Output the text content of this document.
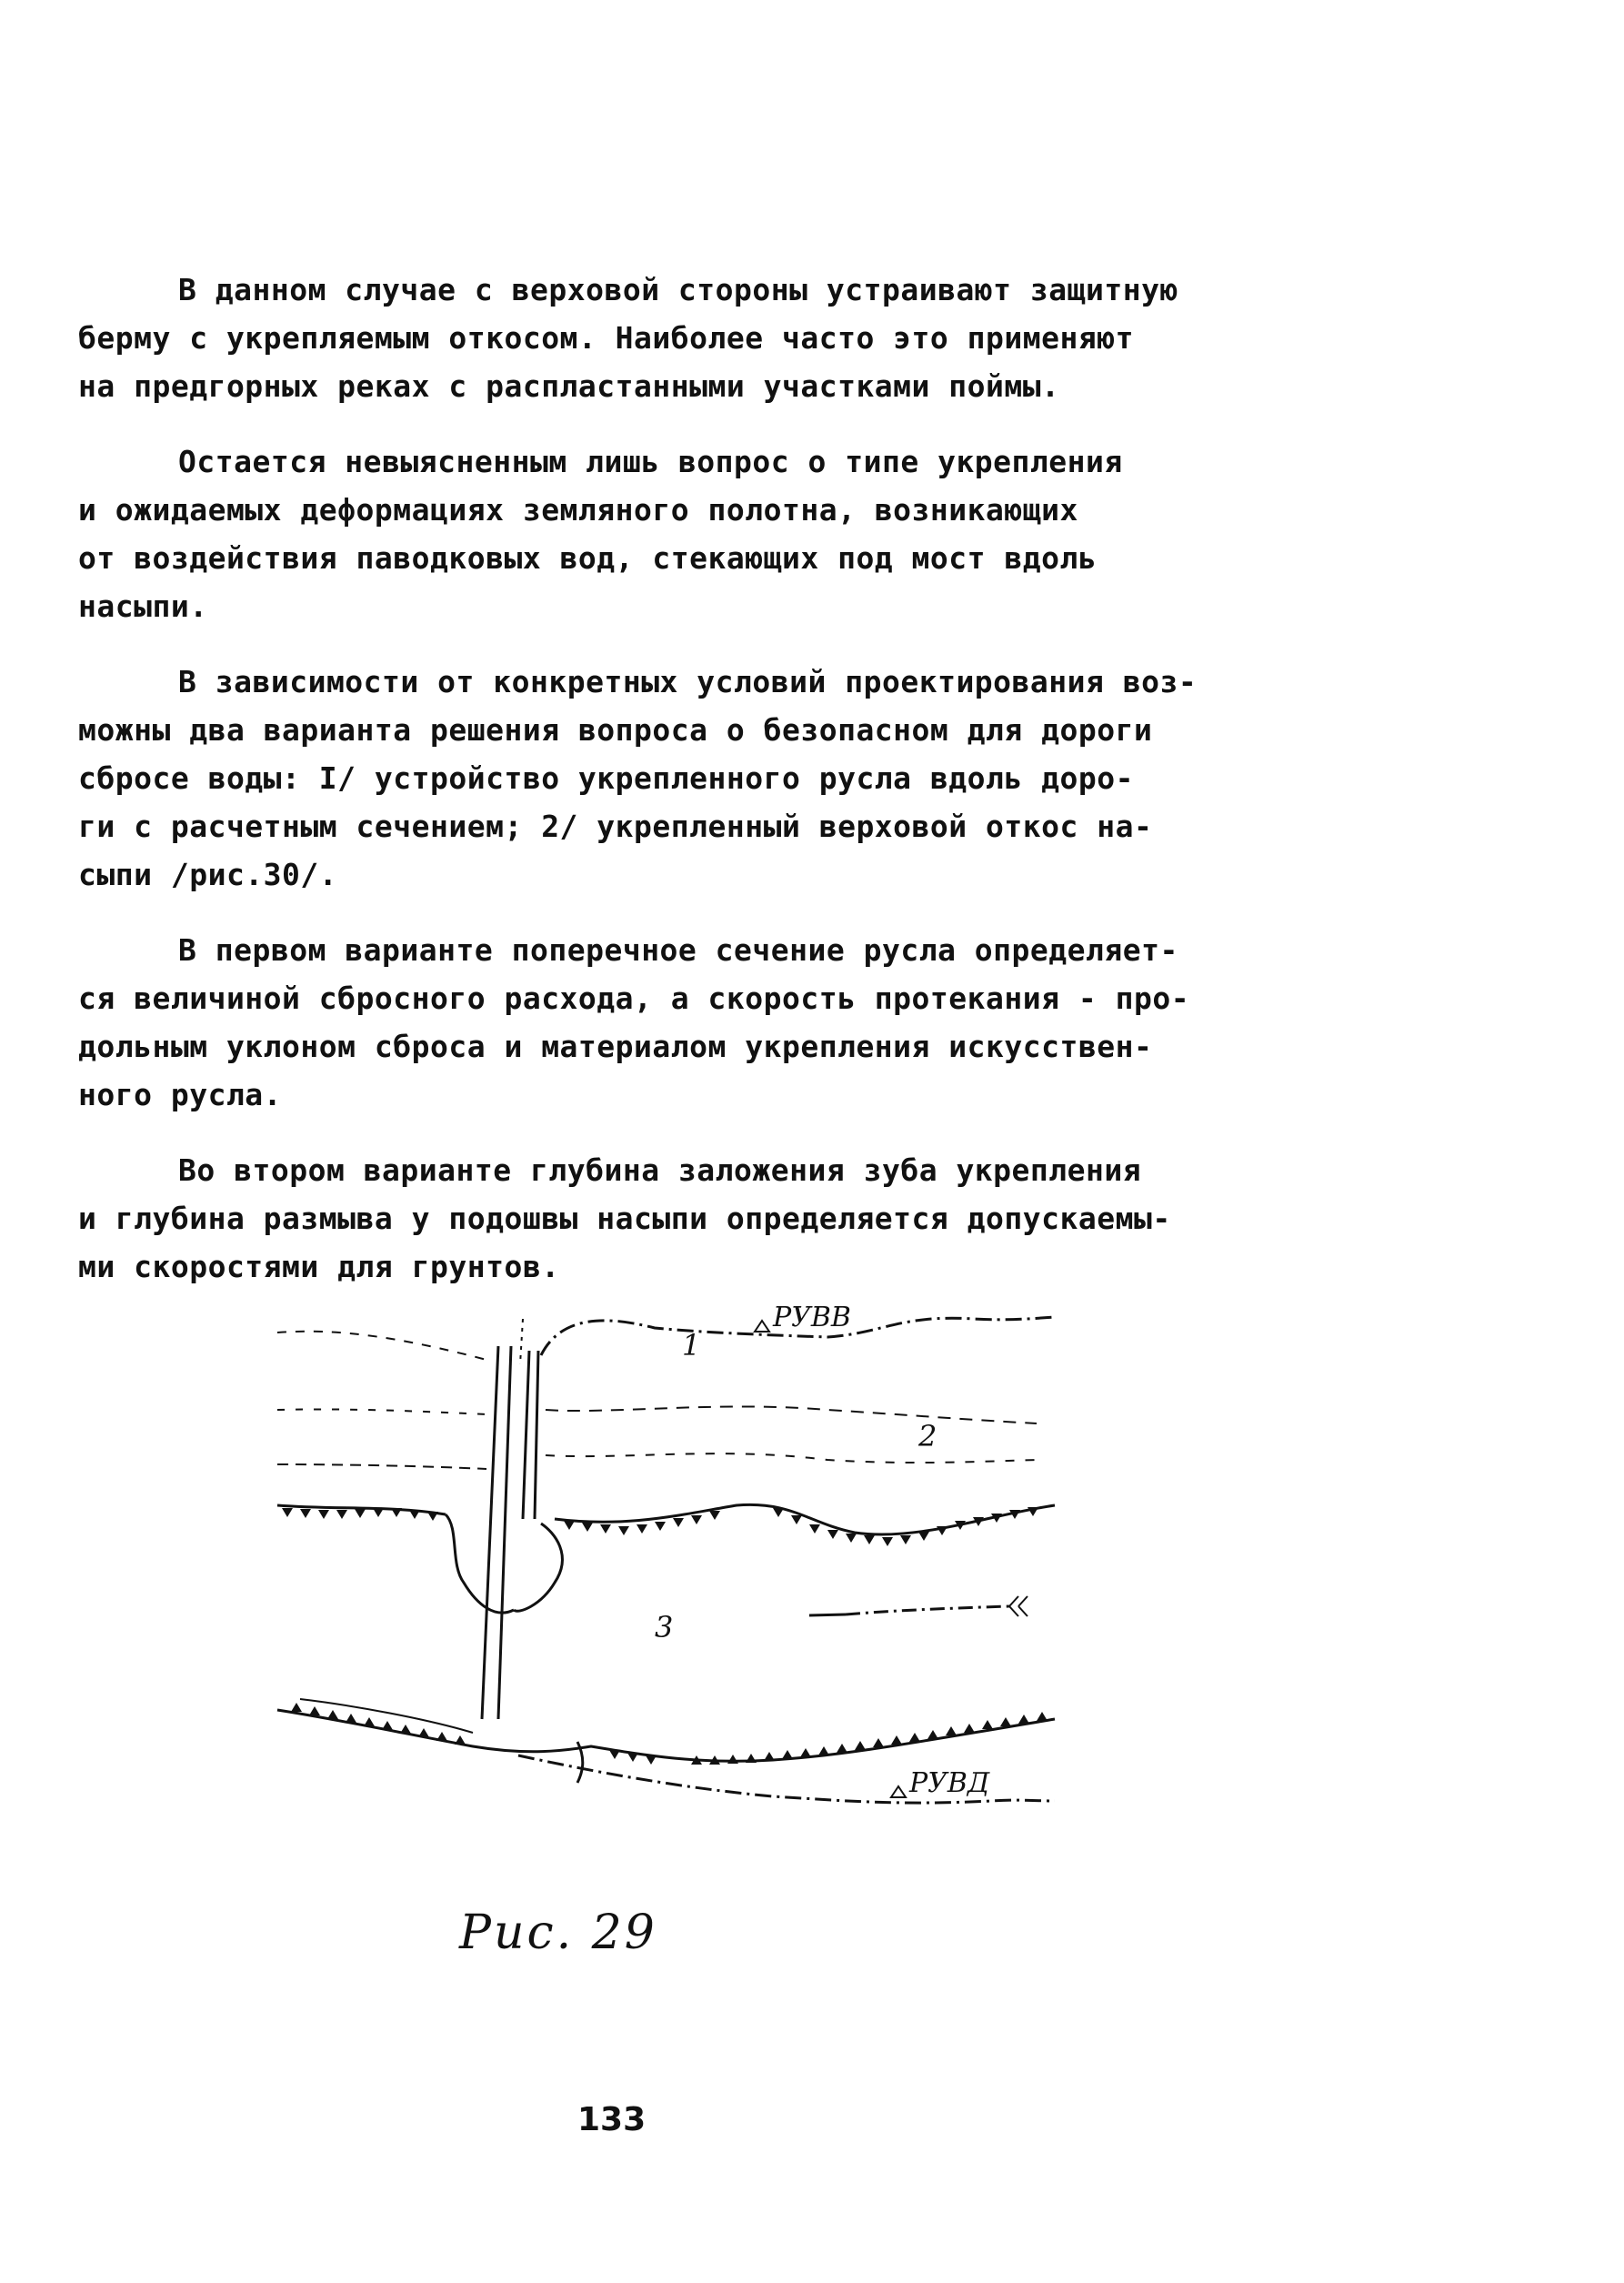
В данном случае с верховой стороны устраивают защитную
берму с укрепляемым откосом. Наиболее часто это применяют
на предгорных реках с распластанными участками поймы.

Остается невыясненным лишь вопрос о типе укрепления
и ожидаемых деформациях земляного полотна, возникающих
от воздействия паводковых вод, стекающих под мост вдоль
насыпи.

В зависимости от конкретных условий проектирования воз-
можны два варианта решения вопроса о безопасном для дороги
сбросе воды: I/ устройство укрепленного русла вдоль доро-
ги с расчетным сечением; 2/ укрепленный верховой откос на-
сыпи /рис.30/.

В первом варианте поперечное сечение русла определяет-
ся величиной сбросного расхода, а скорость протекания - про-
дольным уклоном сброса и материалом укрепления искусствен-
ного русла.

Во втором варианте глубина заложения зуба укрепления
и глубина размыва у подошвы насыпи определяется допускаемы-
ми скоростями для грунтов.

РУВВ
РУВД
1
2
3
Рис. 29
133
